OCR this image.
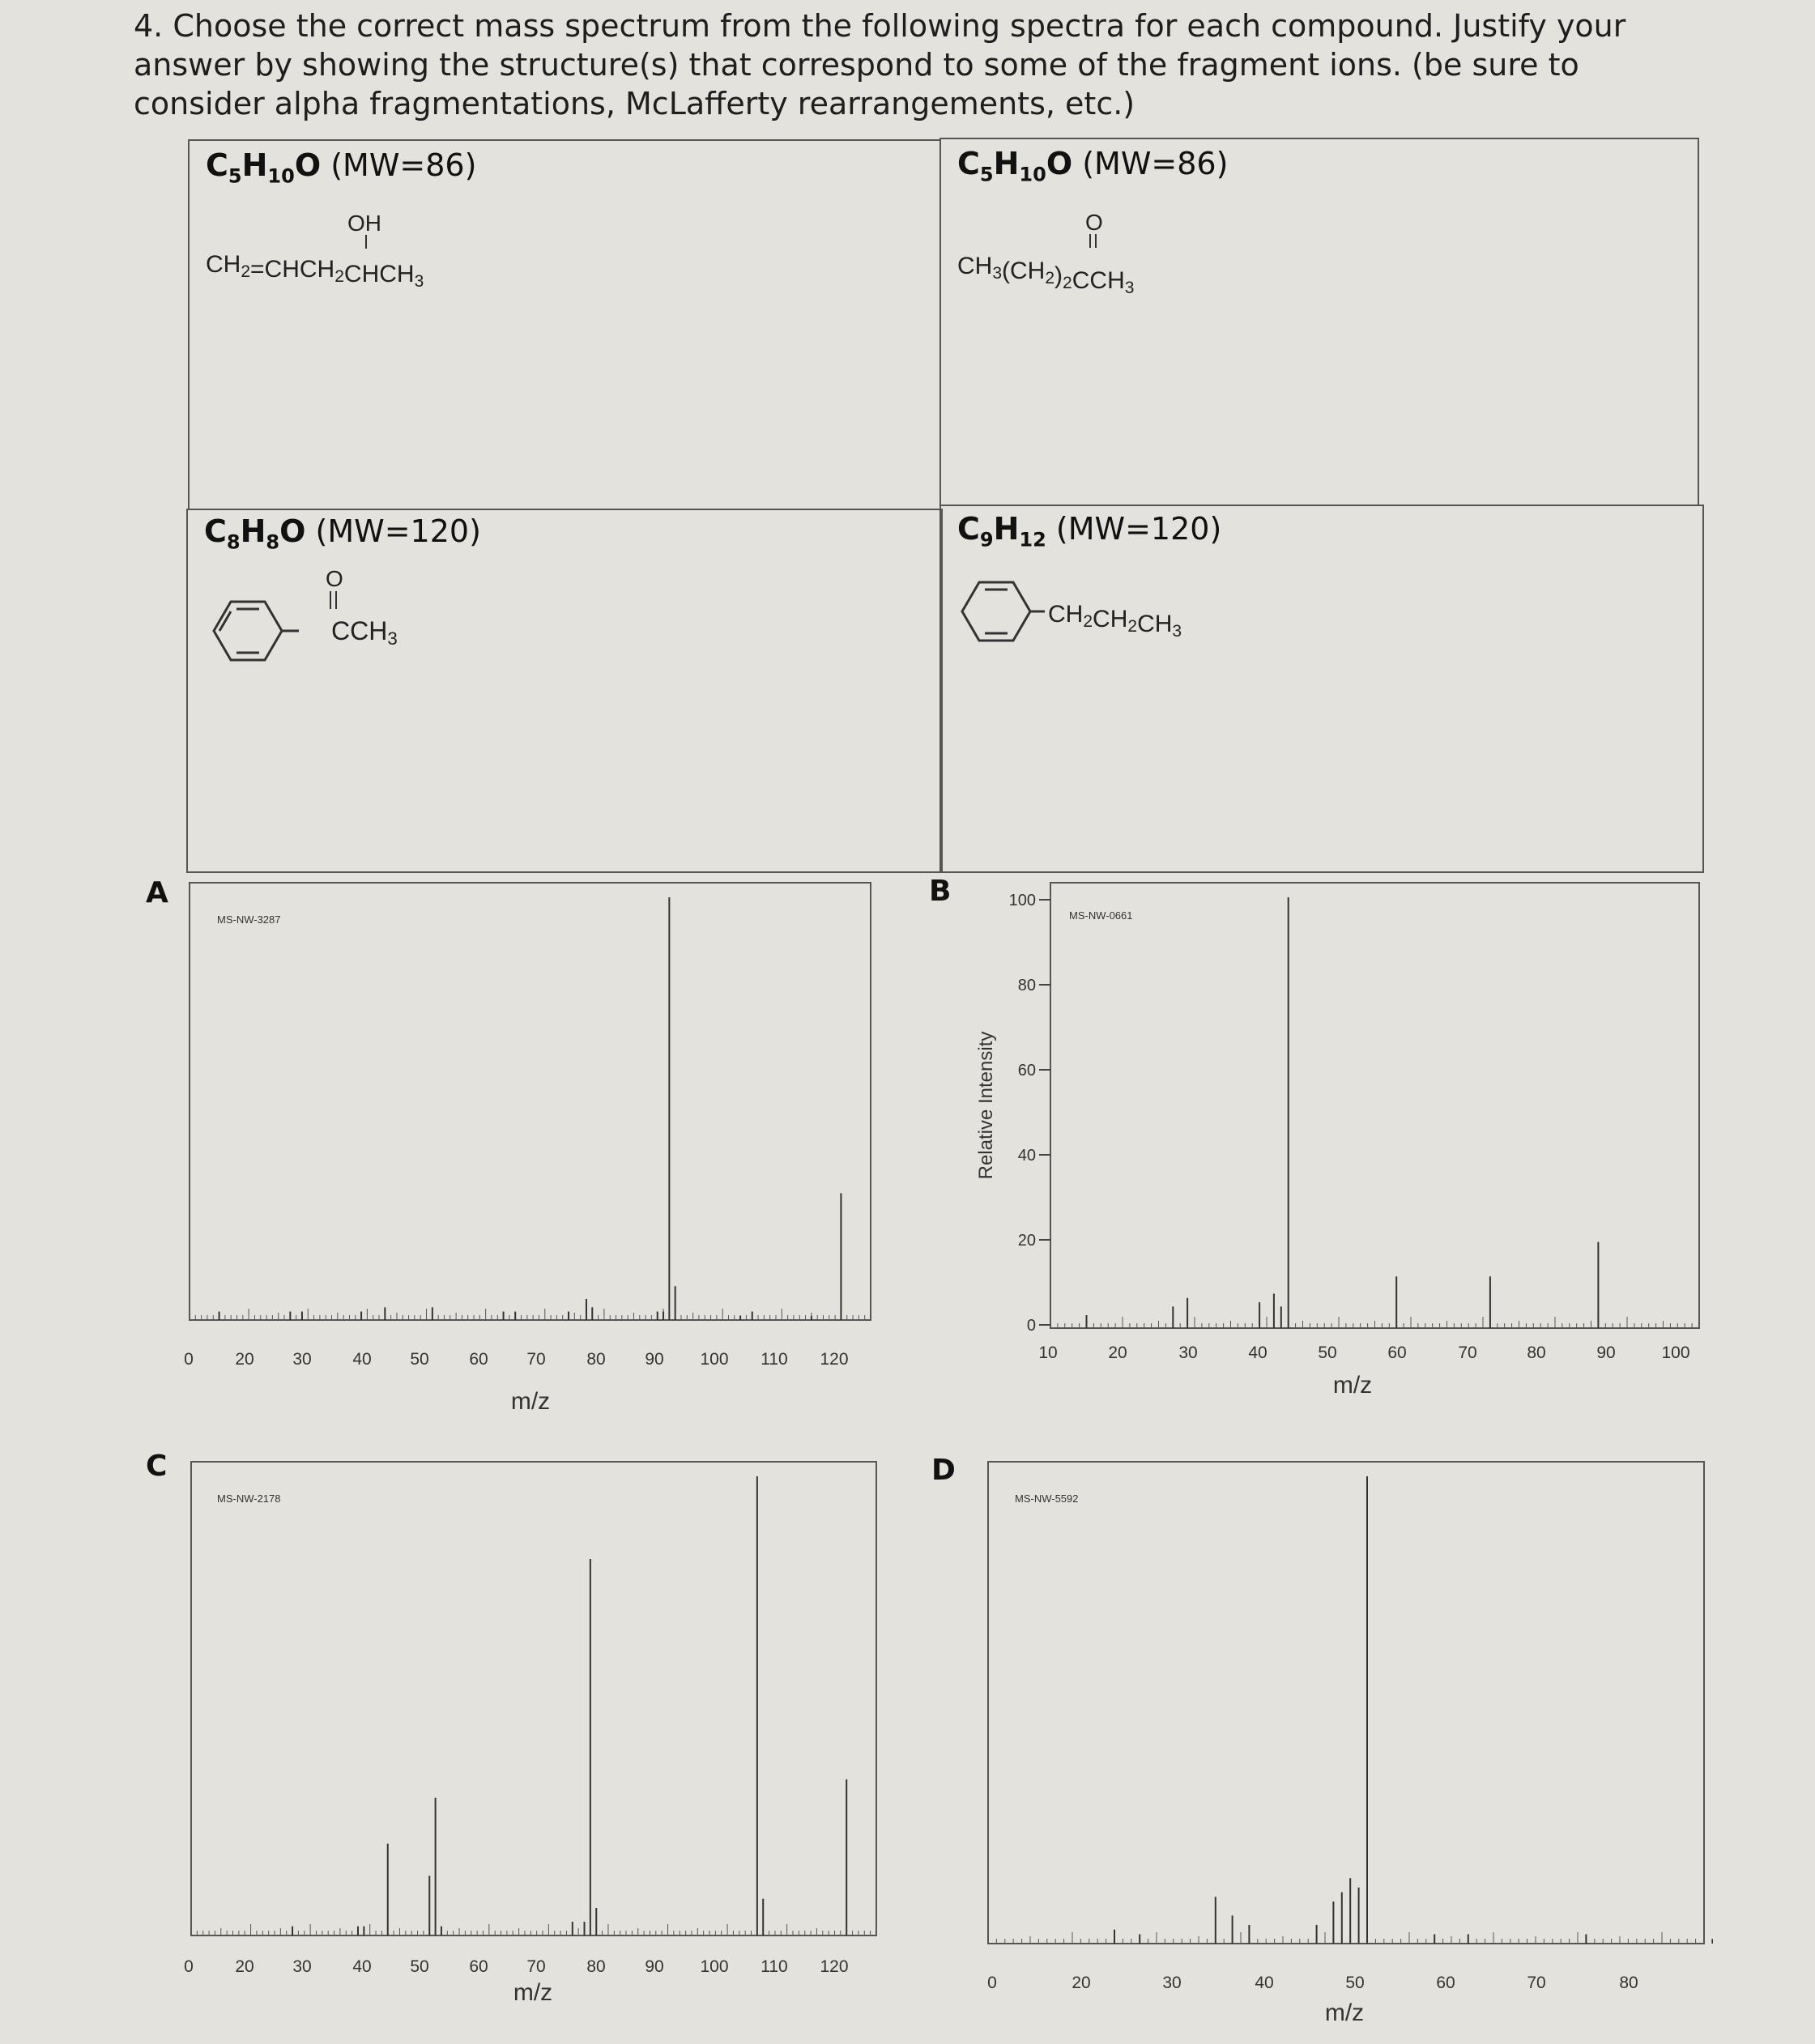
4. Choose the correct mass spectrum from the following spectra for each compound. Justify your answer by showing the structure(s) that correspond to some of the fragment ions. (be sure to consider alpha fragmentations, McLafferty rearrangements, etc.)

$C_5H_{10}O$ (MW=86)
OH
$CH_2=CHCH_2CHCH_3$
$C_5H_{10}O$ (MW=86)
O
$CH_3(CH_2)_2CCH_3$
$C_8H_8O$ (MW=120)
O
CCH3
$C_9H_{12}$ (MW=120)
$CH_2CH_2CH_3$
A	B
C	D
MS-NW-3287
0 20 30 40 50 60 70 80 90 100 110 120
m/z
MS-NW-0661
10	20	30	40	50	60	70	80	90	100
m/z
0
20
40
60
80
100
Relative Intensity
MS-NW-2178
0 20 30 40 50 60 70 80 90 100 110 120
m/z
MS-NW-5592
0	20	30	40	50	60	70	80
m/z
